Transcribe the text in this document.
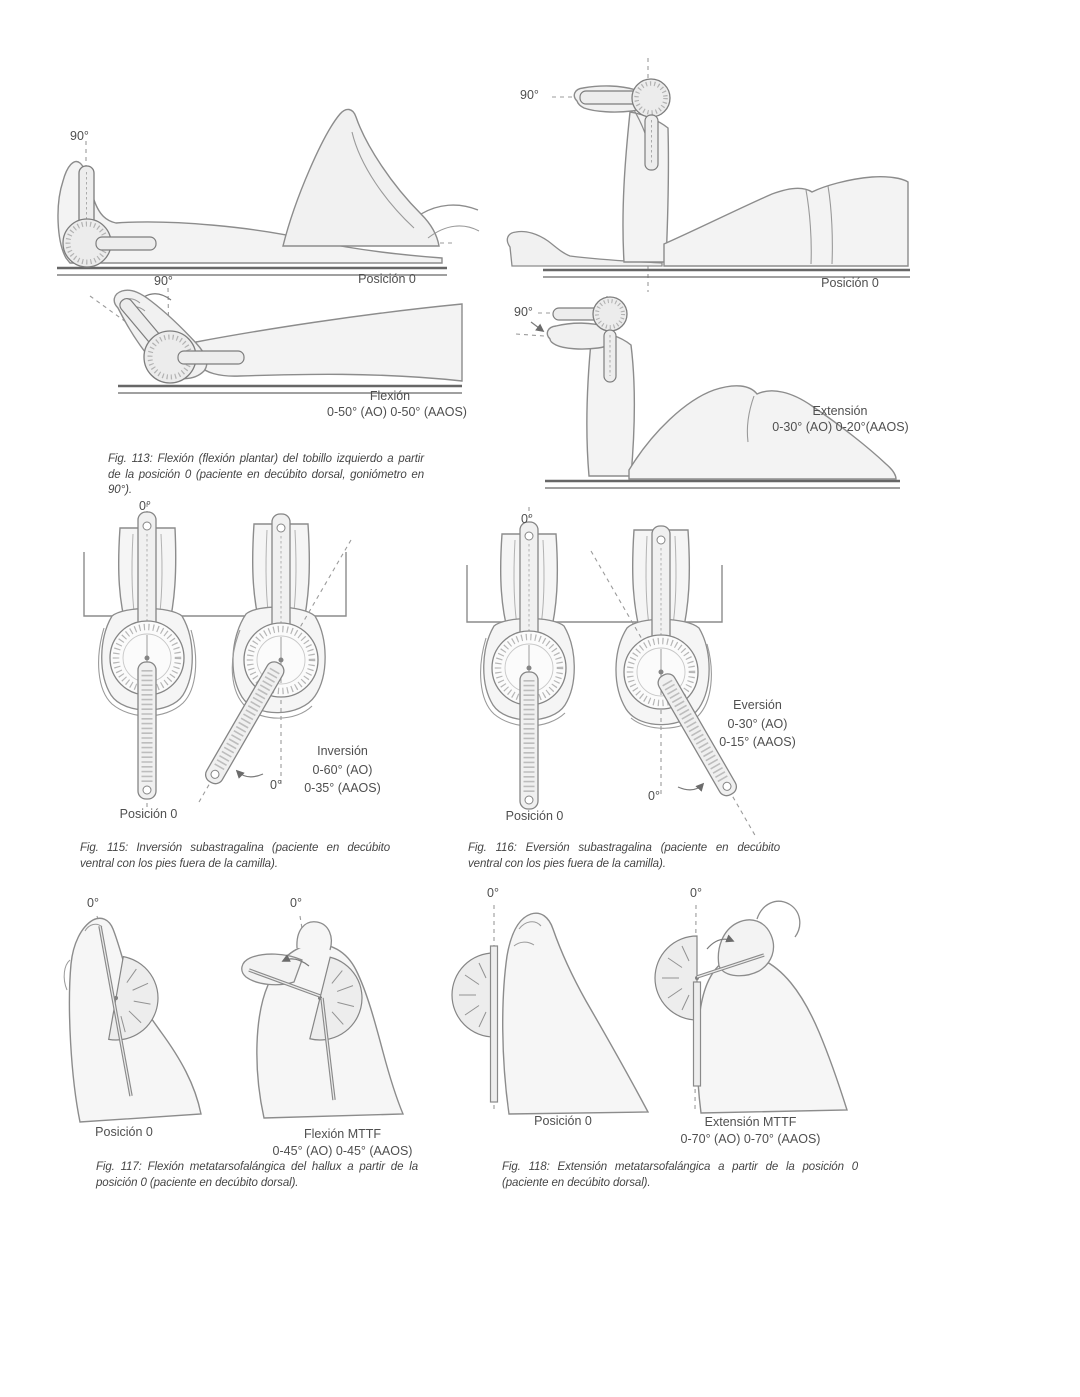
90°
Posición 0
90°
Flexión
0-50° (AO) 0-50° (AAOS)
Fig. 113: Flexión (flexión plantar) del tobillo izquierdo a partir de la posición 0 (paciente en decúbito dorsal, goniómetro en 90°).
90°
Posición 0
90°
Extensión
0-30° (AO) 0-20°(AAOS)
0°
Posición 0
0°
Inversión
0-60° (AO)
0-35° (AAOS)
Fig. 115: Inversión subastragalina (paciente en decúbito ventral con los pies fuera de la camilla).
0°
Posición 0
0°
Eversión
0-30° (AO)
0-15° (AAOS)
Fig. 116: Eversión subastragalina (paciente en decúbito ventral con los pies fuera de la camilla).
0°
Posición 0
0°
Flexión MTTF
0-45° (AO) 0-45° (AAOS)
Fig. 117: Flexión metatarsofalángica del hallux a partir de la posición 0 (paciente en decúbito dorsal).
0°
Posición 0
0°
Extensión MTTF
0-70° (AO) 0-70° (AAOS)
Fig. 118: Extensión metatarsofalángica a partir de la posición 0 (paciente en decúbito dorsal).
